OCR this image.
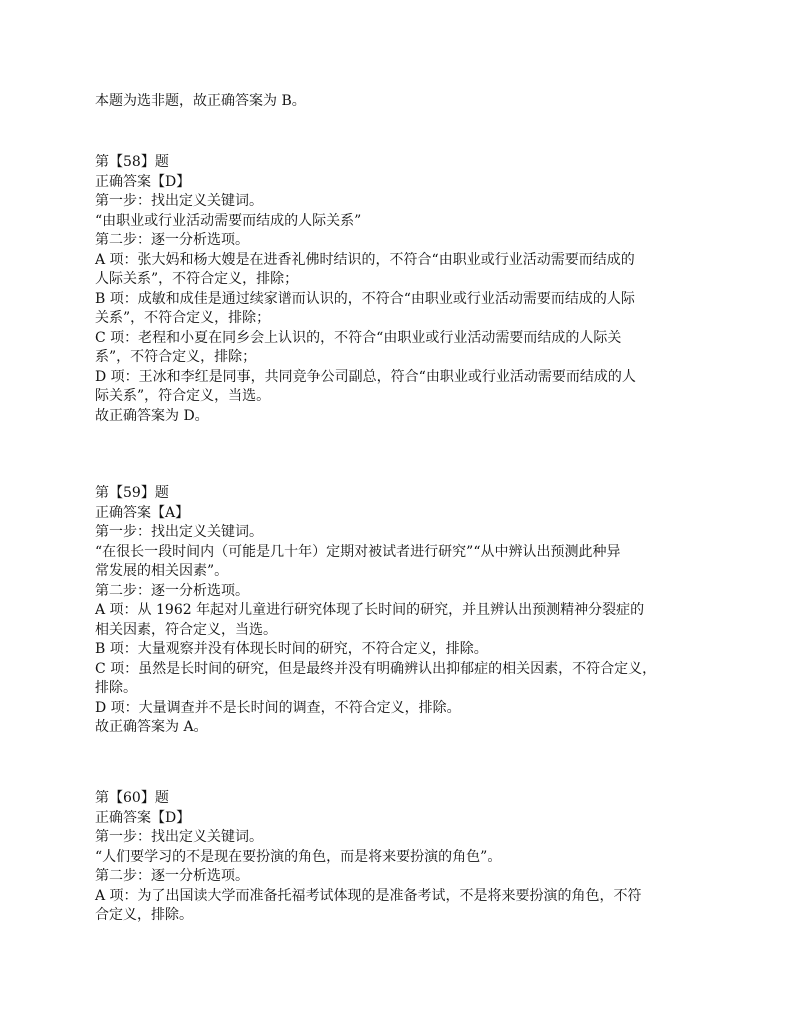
本题为选非题，故正确答案为 B。
第【58】题
正确答案【D】
第一步：找出定义关键词。
“由职业或行业活动需要而结成的人际关系”
第二步：逐一分析选项。
A 项：张大妈和杨大嫂是在进香礼佛时结识的，不符合“由职业或行业活动需要而结成的
人际关系”，不符合定义，排除；
B 项：成敏和成佳是通过续家谱而认识的，不符合“由职业或行业活动需要而结成的人际
关系”，不符合定义，排除；
C 项：老程和小夏在同乡会上认识的，不符合“由职业或行业活动需要而结成的人际关
系”，不符合定义，排除；
D 项：王冰和李红是同事，共同竞争公司副总，符合“由职业或行业活动需要而结成的人
际关系”，符合定义，当选。
故正确答案为 D。
第【59】题
正确答案【A】
第一步：找出定义关键词。
“在很长一段时间内（可能是几十年）定期对被试者进行研究”“从中辨认出预测此种异
常发展的相关因素”。
第二步：逐一分析选项。
A 项：从 1962 年起对儿童进行研究体现了长时间的研究，并且辨认出预测精神分裂症的
相关因素，符合定义，当选。
B 项：大量观察并没有体现长时间的研究，不符合定义，排除。
C 项：虽然是长时间的研究，但是最终并没有明确辨认出抑郁症的相关因素，不符合定义，
排除。
D 项：大量调查并不是长时间的调查，不符合定义，排除。
故正确答案为 A。
第【60】题
正确答案【D】
第一步：找出定义关键词。
“人们要学习的不是现在要扮演的角色，而是将来要扮演的角色”。
第二步：逐一分析选项。
A 项：为了出国读大学而准备托福考试体现的是准备考试，不是将来要扮演的角色，不符
合定义，排除。
